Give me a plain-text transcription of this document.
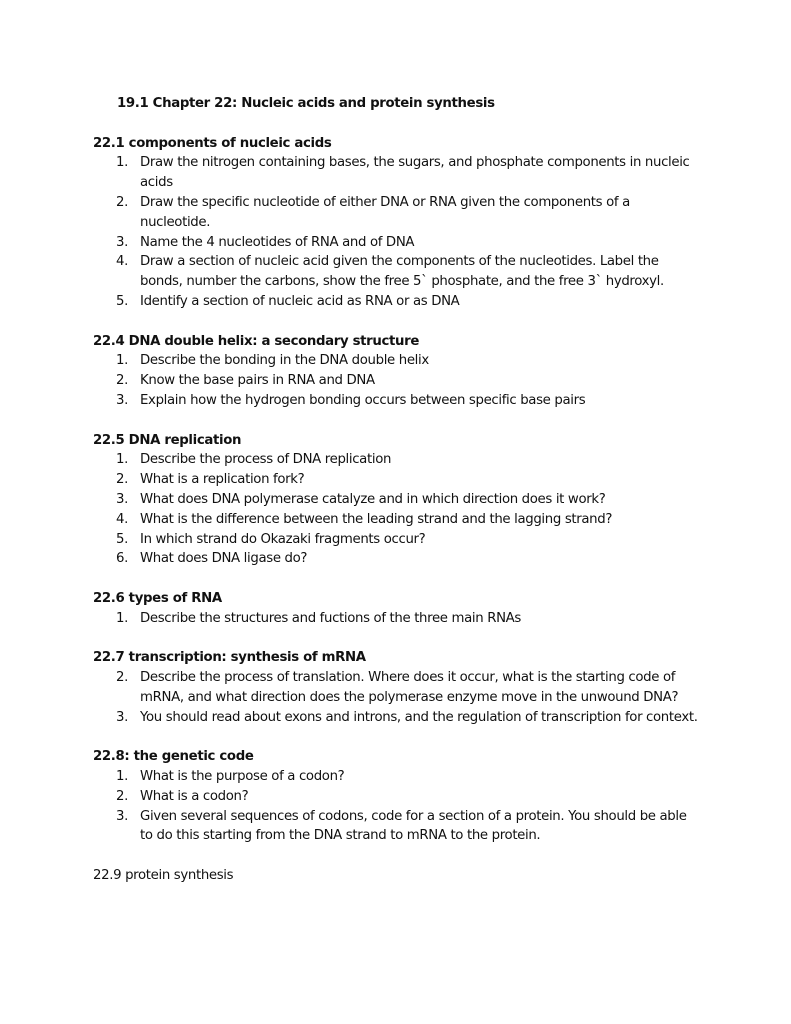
19.1 Chapter 22: Nucleic acids and protein synthesis
22.1 components of nucleic acids
1. Draw the nitrogen containing bases, the sugars, and phosphate components in nucleic acids
2. Draw the specific nucleotide of either DNA or RNA given the components of a nucleotide.
3. Name the 4 nucleotides of RNA and of DNA
4. Draw a section of nucleic acid given the components of the nucleotides. Label the bonds, number the carbons, show the free 5` phosphate, and the free 3` hydroxyl.
5. Identify a section of nucleic acid as RNA or as DNA
22.4 DNA double helix: a secondary structure
1. Describe the bonding in the DNA double helix
2. Know the base pairs in RNA and DNA
3. Explain how the hydrogen bonding occurs between specific base pairs
22.5 DNA replication
1. Describe the process of DNA replication
2. What is a replication fork?
3. What does DNA polymerase catalyze and in which direction does it work?
4. What is the difference between the leading strand and the lagging strand?
5. In which strand do Okazaki fragments occur?
6. What does DNA ligase do?
22.6 types of RNA
1. Describe the structures and fuctions of the three main RNAs
22.7 transcription: synthesis of mRNA
2. Describe the process of translation. Where does it occur, what is the starting code of mRNA, and what direction does the polymerase enzyme move in the unwound DNA?
3. You should read about exons and introns, and the regulation of transcription for context.
22.8: the genetic code
1. What is the purpose of a codon?
2. What is a codon?
3. Given several sequences of codons, code for a section of a protein. You should be able to do this starting from the DNA strand to mRNA to the protein.
22.9 protein synthesis
